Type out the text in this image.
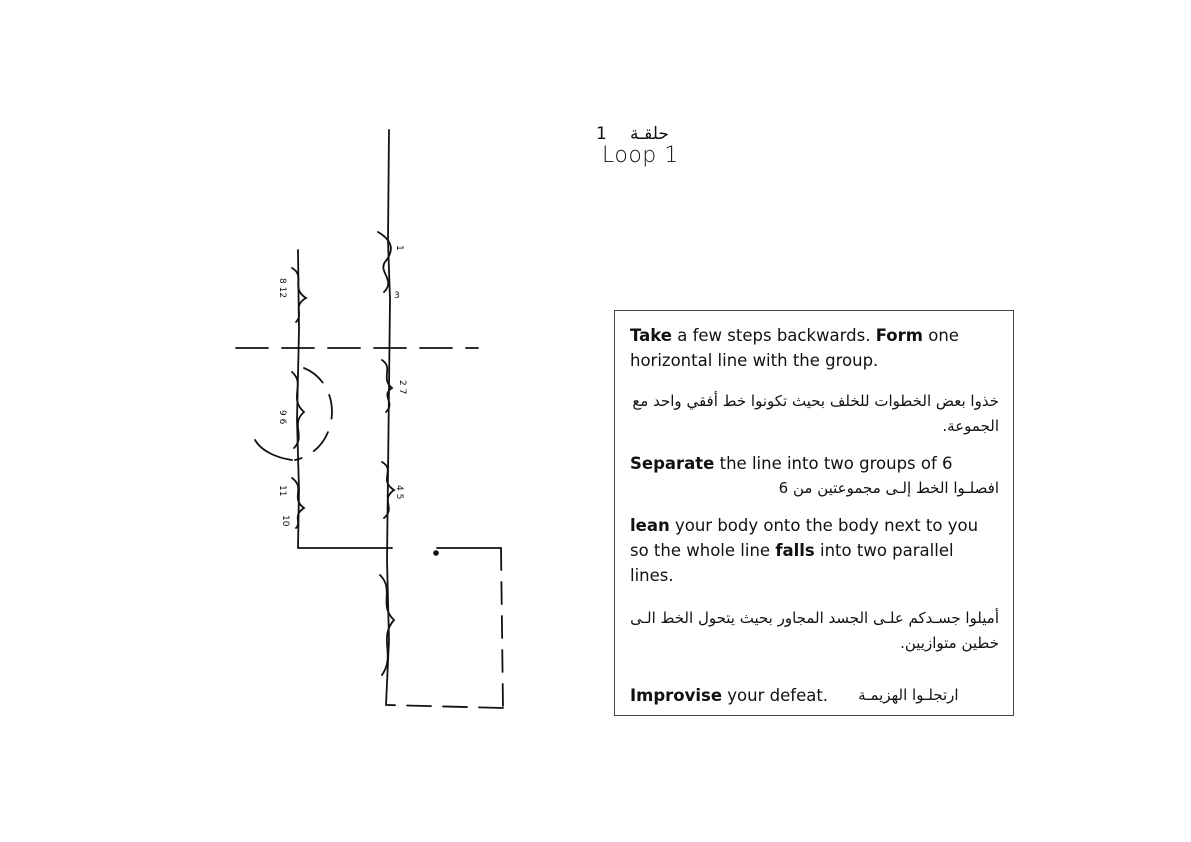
1
3
2 7
4 5
8 12
9 6
11
10
1 حلقـة
Loop 1

Take a few steps backwards. Form one horizontal line with the group.

خذوا بعض الخطوات للخلف بحيث تكونوا خط أفقي واحد مع الجموعة.

Separate the line into two groups of 6

افصلـوا الخط إلـى مجموعتين من 6

lean your body onto the body next to you so the whole line falls into two parallel lines.

أميلوا جسـدكم علـى الجسد المجاور بحيث يتحول الخط الـى خطين متوازيين.

Improvise your defeat. ارتجلـوا الهزيمـة
